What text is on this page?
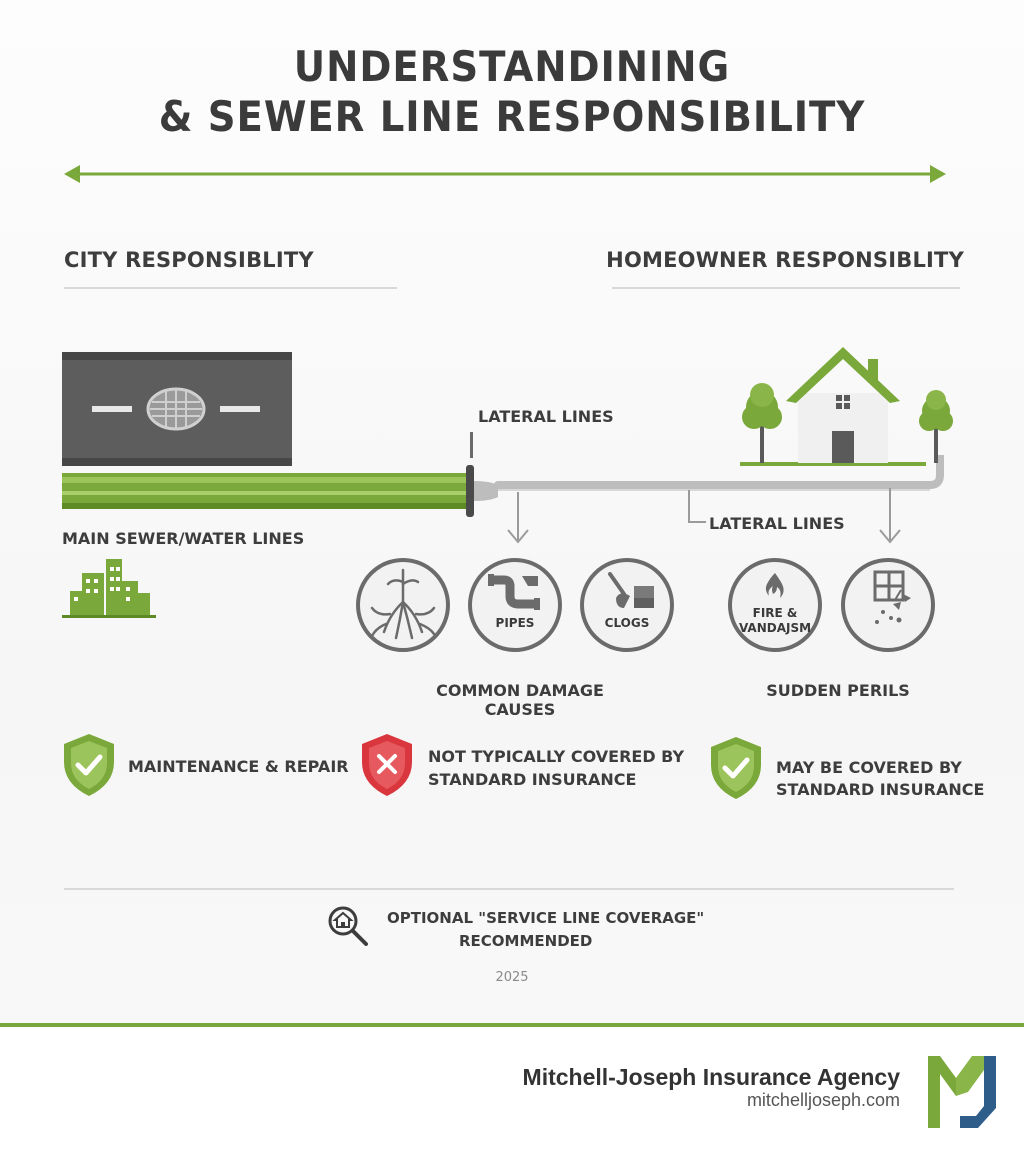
UNDERSTANDINING
& SEWER LINE RESPONSIBILITY
CITY RESPONSIBLITY	HOMEOWNER RESPONSIBLITY
LATERAL LINES
LATERAL LINES
MAIN SEWER/WATER LINES
PIPES	CLOGS
COMMON DAMAGE CAUSES
FIRE &
VANDAJSM
SUDDEN PERILS
MAINTENANCE & REPAIR
NOT TYPICALLY COVERED BY
STANDARD INSURANCE
MAY BE COVERED BY
STANDARD INSURANCE
OPTIONAL "SERVICE LINE COVERAGE"
RECOMMENDED
2025
Mitchell-Joseph Insurance Agency
mitchelljoseph.com
